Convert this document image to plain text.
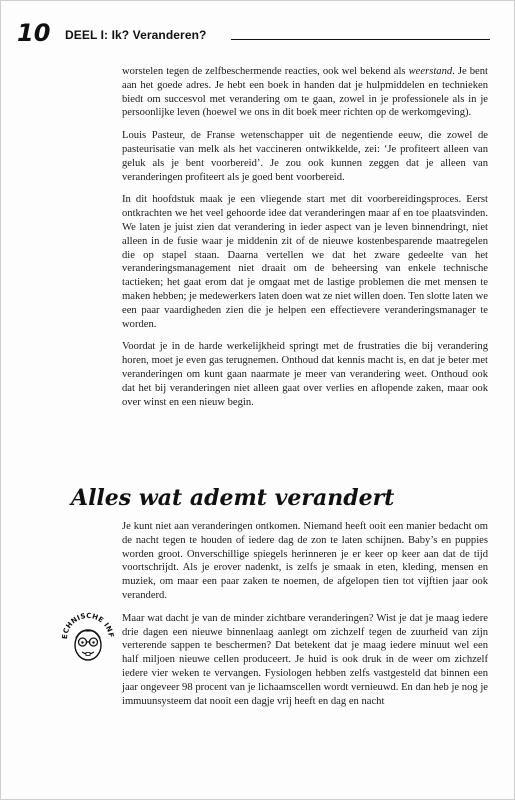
10 DEEL I: Ik? Veranderen?

worstelen tegen de zelfbeschermende reacties, ook wel bekend als weerstand. Je bent aan het goede adres. Je hebt een boek in handen dat je hulpmiddelen en technieken biedt om succesvol met verandering om te gaan, zowel in je professionele als in je persoonlijke leven (hoewel we ons in dit boek meer richten op de werkomgeving).

Louis Pasteur, de Franse wetenschapper uit de negentiende eeuw, die zowel de pasteurisatie van melk als het vaccineren ontwikkelde, zei: ‘Je profiteert alleen van geluk als je bent voorbereid’. Je zou ook kunnen zeggen dat je alleen van veranderingen profiteert als je goed bent voorbereid.

In dit hoofdstuk maak je een vliegende start met dit voorbereidingsproces. Eerst ontkrachten we het veel gehoorde idee dat veranderingen maar af en toe plaatsvinden. We laten je juist zien dat verandering in ieder aspect van je leven binnendringt, niet alleen in de fusie waar je middenin zit of de nieuwe kostenbesparende maatregelen die op stapel staan. Daarna vertellen we dat het zware gedeelte van het veranderingsmanagement niet draait om de beheersing van enkele technische tactieken; het gaat erom dat je omgaat met de lastige problemen die met mensen te maken hebben; je medewerkers laten doen wat ze niet willen doen. Ten slotte laten we een paar vaardigheden zien die je helpen een effectievere veranderingsmanager te worden.

Voordat je in de harde werkelijkheid springt met de frustraties die bij verandering horen, moet je even gas terugnemen. Onthoud dat kennis macht is, en dat je beter met veranderingen om kunt gaan naarmate je meer van verandering weet. Onthoud ook dat het bij veranderingen niet alleen gaat over verlies en aflopende zaken, maar ook over winst en een nieuw begin.

Alles wat ademt verandert

Je kunt niet aan veranderingen ontkomen. Niemand heeft ooit een manier bedacht om de nacht tegen te houden of iedere dag de zon te laten schijnen. Baby’s en puppies worden groot. Onverschillige spiegels herinneren je er keer op keer aan dat de tijd voortschrijdt. Als je erover nadenkt, is zelfs je smaak in eten, kleding, mensen en muziek, om maar een paar zaken te noemen, de afgelopen tien tot vijftien jaar ook veranderd.

Maar wat dacht je van de minder zichtbare veranderingen? Wist je dat je maag iedere drie dagen een nieuwe binnenlaag aanlegt om zichzelf tegen de zuurheid van zijn verterende sappen te beschermen? Dat betekent dat je maag iedere minuut wel een half miljoen nieuwe cellen produceert. Je huid is ook druk in de weer om zichzelf iedere vier weken te vervangen. Fysiologen hebben zelfs vastgesteld dat binnen een jaar ongeveer 98 procent van je lichaamscellen wordt vernieuwd. En dan heb je nog je immuunsysteem dat nooit een dagje vrij heeft en dag en nacht

ECHNISCHE INF
